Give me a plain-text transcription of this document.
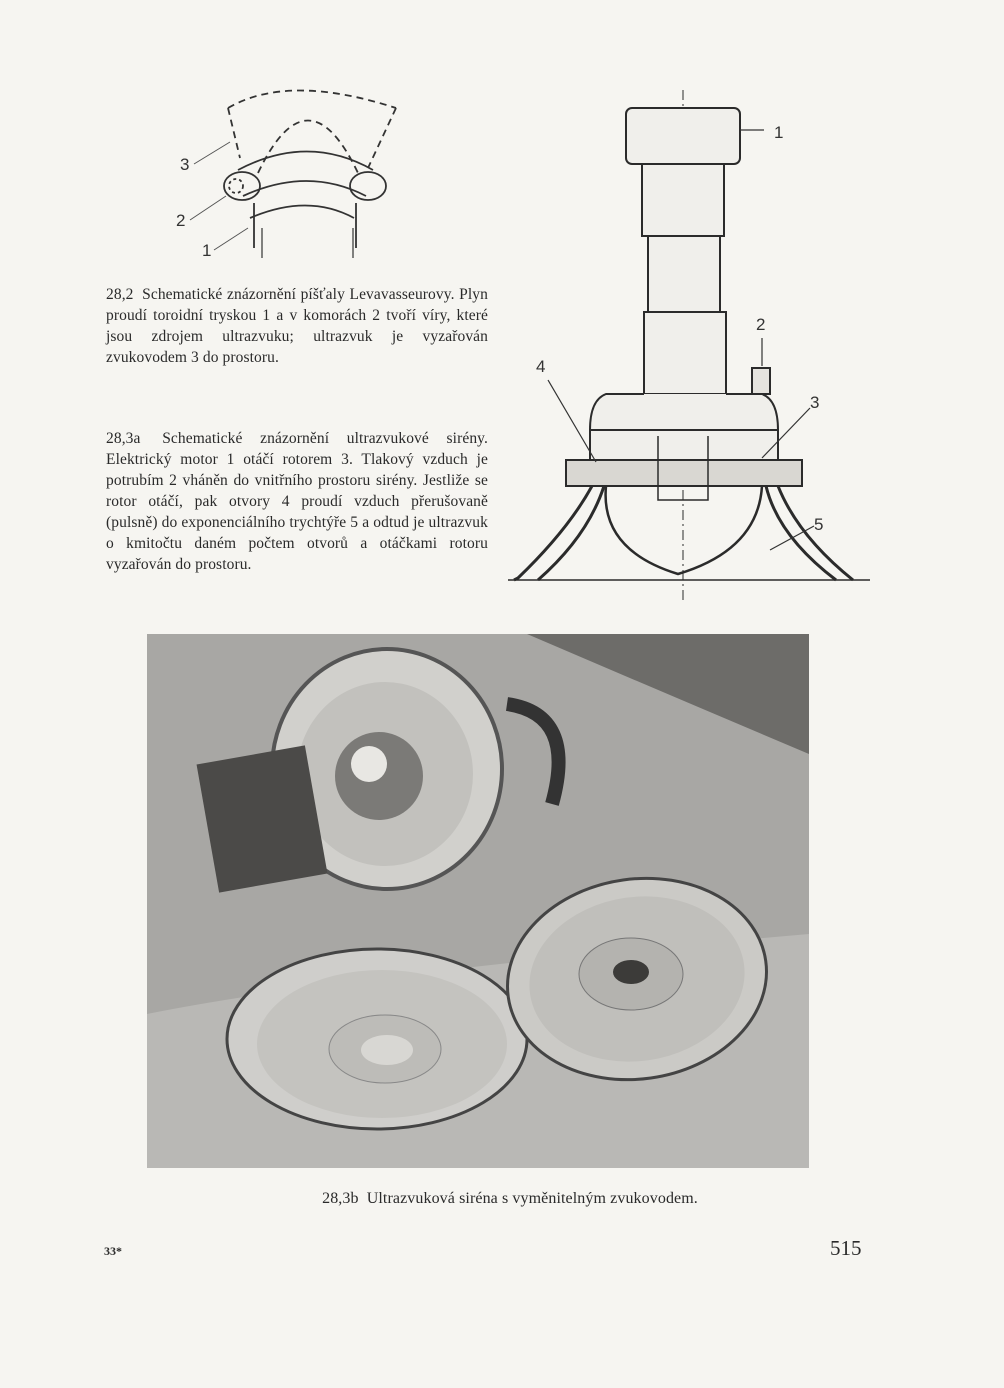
3
2
1
28,2 Schematické znázornění píšťaly Levavasseurovy. Plyn proudí toroidní tryskou 1 a v komorách 2 tvoří víry, které jsou zdrojem ultrazvuku; ultrazvuk je vyzařován zvukovodem 3 do prostoru.
28,3a Schematické znázornění ultrazvukové sirény. Elektrický motor 1 otáčí rotorem 3. Tlakový vzduch je potrubím 2 vháněn do vnitřního prostoru sirény. Jestliže se rotor otáčí, pak otvory 4 proudí vzduch přerušovaně (pulsně) do exponenciálního trychtýře 5 a odtud je ultrazvuk o kmitočtu daném počtem otvorů a otáčkami rotoru vyzařován do prostoru.
1
2
3
4
5
28,3b Ultrazvuková siréna s vyměnitelným zvukovodem.
33*	515
